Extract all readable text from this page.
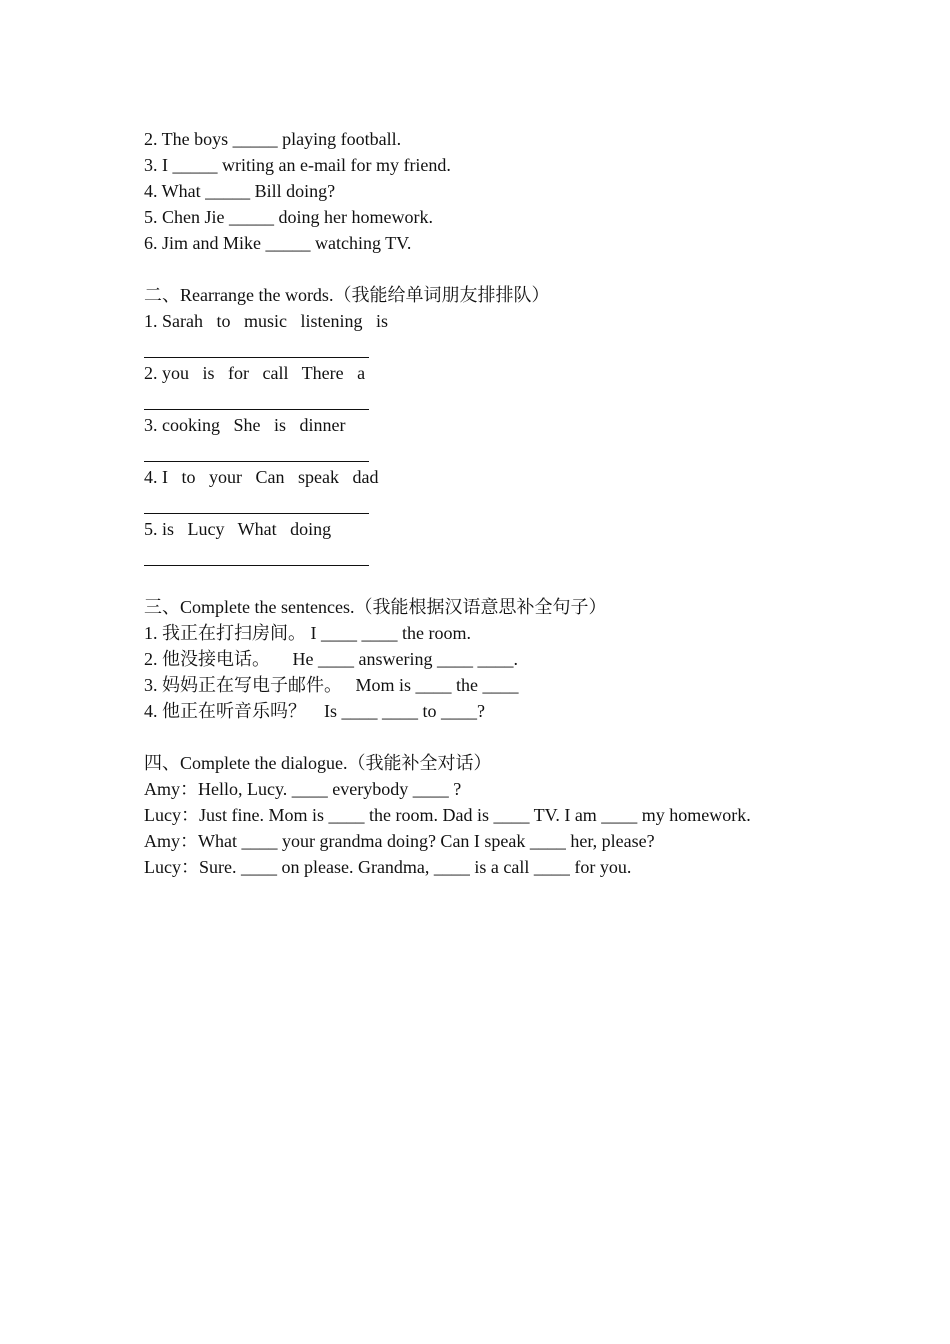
2. The boys _____ playing football.
3. I _____ writing an e-mail for my friend.
4. What _____ Bill doing?
5. Chen Jie _____ doing her homework.
6. Jim and Mike _____ watching TV.
二、Rearrange the words.（我能给单词朋友排排队）
1. Sarah   to   music   listening   is
2. you   is   for   call   There   a
3. cooking   She   is   dinner
4. I   to   your   Can   speak   dad
5. is   Lucy   What   doing
三、Complete the sentences.（我能根据汉语意思补全句子）
1. 我正在打扫房间。 I ____ ____ the room.
2. 他没接电话。     He ____ answering ____ ____.
3. 妈妈正在写电子邮件。   Mom is ____ the ____
4. 他正在听音乐吗？    Is ____ ____ to ____?
四、Complete the dialogue.（我能补全对话）
Amy：Hello, Lucy. ____ everybody ____ ?
Lucy：Just fine. Mom is ____ the room. Dad is ____ TV. I am ____ my homework.
Amy：What ____ your grandma doing? Can I speak ____ her, please?
Lucy：Sure. ____ on please. Grandma, ____ is a call ____ for you.
